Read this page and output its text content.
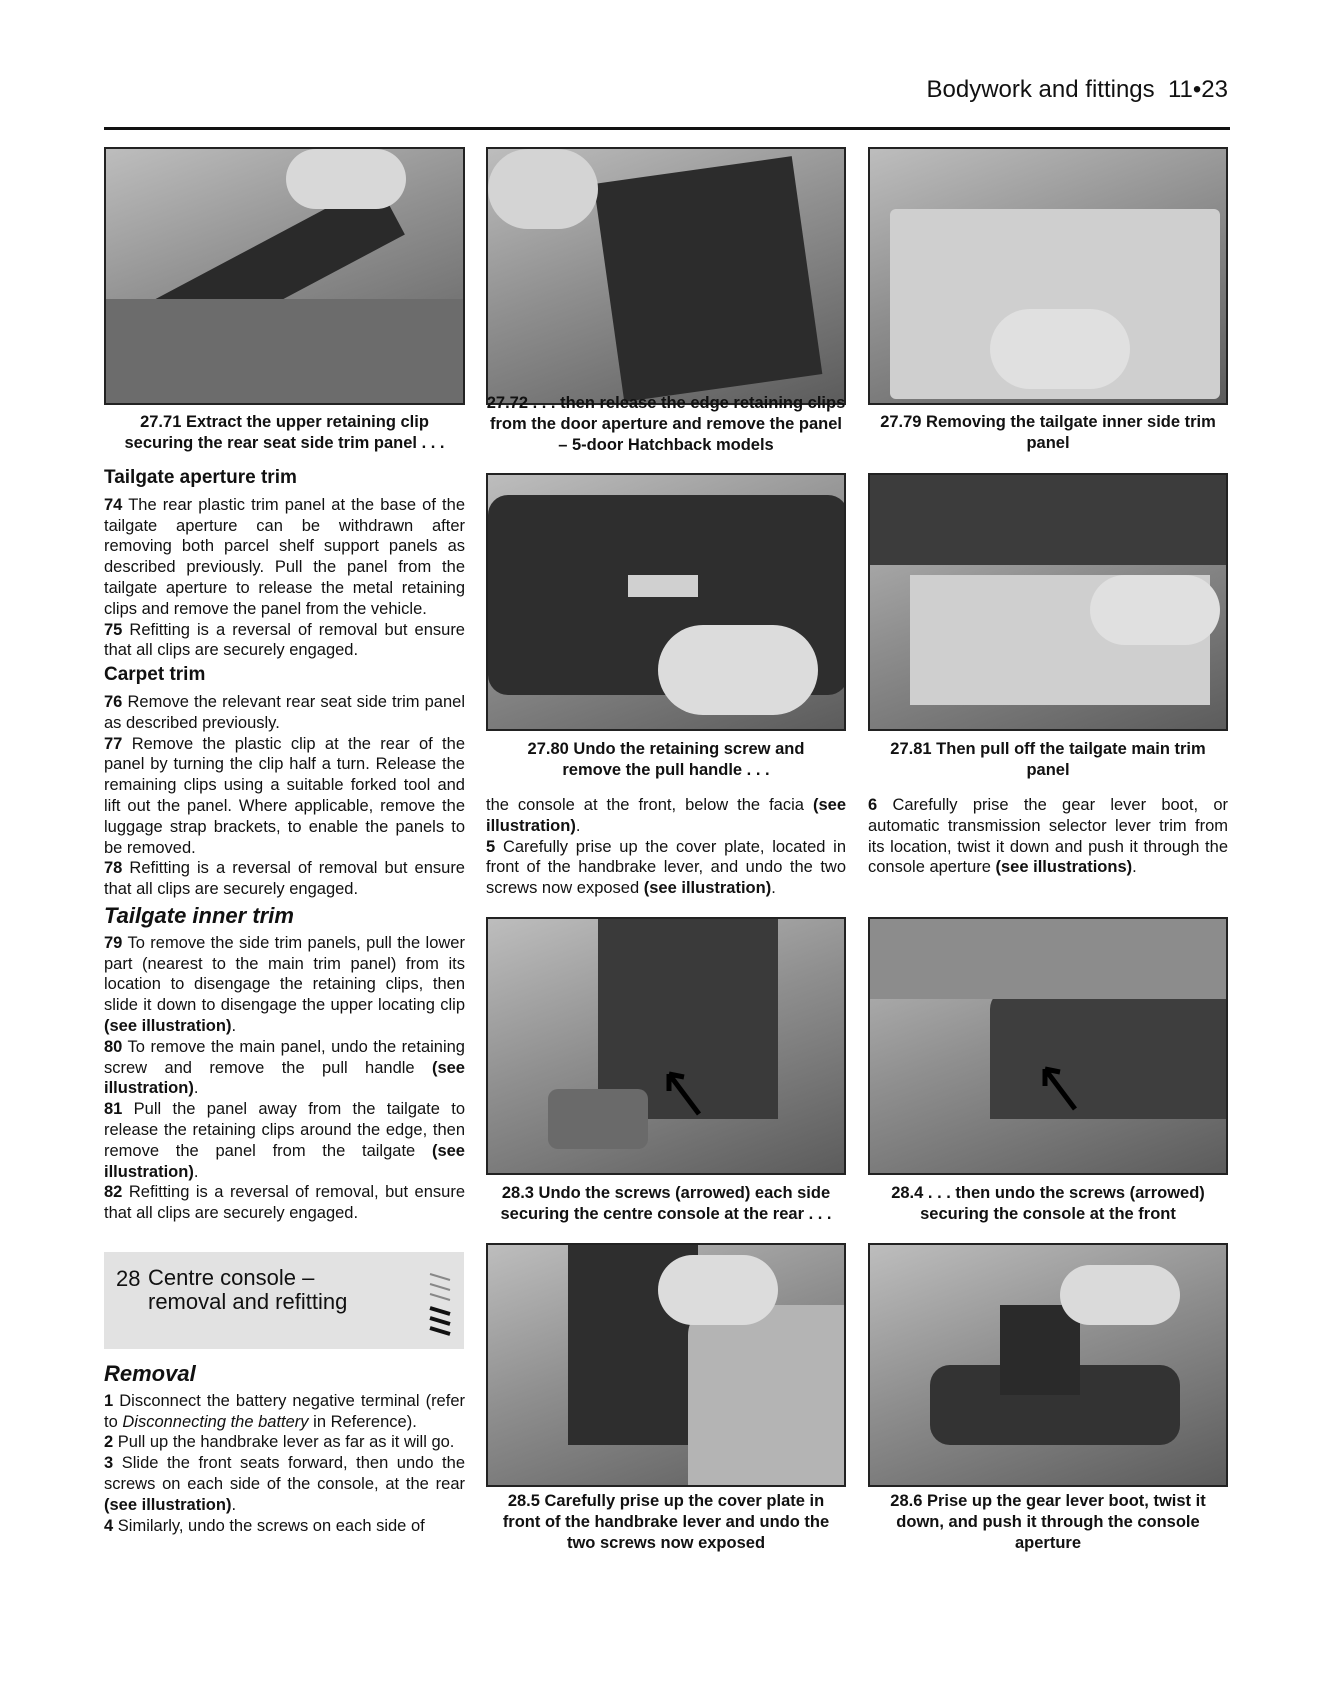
Bodywork and fittings 11•23
27.71 Extract the upper retaining clip securing the rear seat side trim panel . . .
27.72 . . . then release the edge retaining clips from the door aperture and remove the panel – 5-door Hatchback models
27.79 Removing the tailgate inner side trim panel
27.80 Undo the retaining screw and remove the pull handle . . .
27.81 Then pull off the tailgate main trim panel

the console at the front, below the facia (see illustration).

5 Carefully prise up the cover plate, located in front of the handbrake lever, and undo the two screws now exposed (see illustration).

6 Carefully prise the gear lever boot, or automatic transmission selector lever trim from its location, twist it down and push it through the console aperture (see illustrations).

28.3 Undo the screws (arrowed) each side securing the centre console at the rear . . .
28.4 . . . then undo the screws (arrowed) securing the console at the front
28.5 Carefully prise up the cover plate in front of the handbrake lever and undo the two screws now exposed
28.6 Prise up the gear lever boot, twist it down, and push it through the console aperture
Tailgate aperture trim

74 The rear plastic trim panel at the base of the tailgate aperture can be withdrawn after removing both parcel shelf support panels as described previously. Pull the panel from the tailgate aperture to release the metal retaining clips and remove the panel from the vehicle.

75 Refitting is a reversal of removal but ensure that all clips are securely engaged.

Carpet trim

76 Remove the relevant rear seat side trim panel as described previously.

77 Remove the plastic clip at the rear of the panel by turning the clip half a turn. Release the remaining clips using a suitable forked tool and lift out the panel. Where applicable, remove the luggage strap brackets, to enable the panels to be removed.

78 Refitting is a reversal of removal but ensure that all clips are securely engaged.

Tailgate inner trim

79 To remove the side trim panels, pull the lower part (nearest to the main trim panel) from its location to disengage the retaining clips, then slide it down to disengage the upper locating clip (see illustration).

80 To remove the main panel, undo the retaining screw and remove the pull handle (see illustration).

81 Pull the panel away from the tailgate to release the retaining clips around the edge, then remove the panel from the tailgate (see illustration).

82 Refitting is a reversal of removal, but ensure that all clips are securely engaged.

28 Centre console –
removal and refitting
Removal

1 Disconnect the battery negative terminal (refer to Disconnecting the battery in Reference).

2 Pull up the handbrake lever as far as it will go.

3 Slide the front seats forward, then undo the screws on each side of the console, at the rear (see illustration).

4 Similarly, undo the screws on each side of
